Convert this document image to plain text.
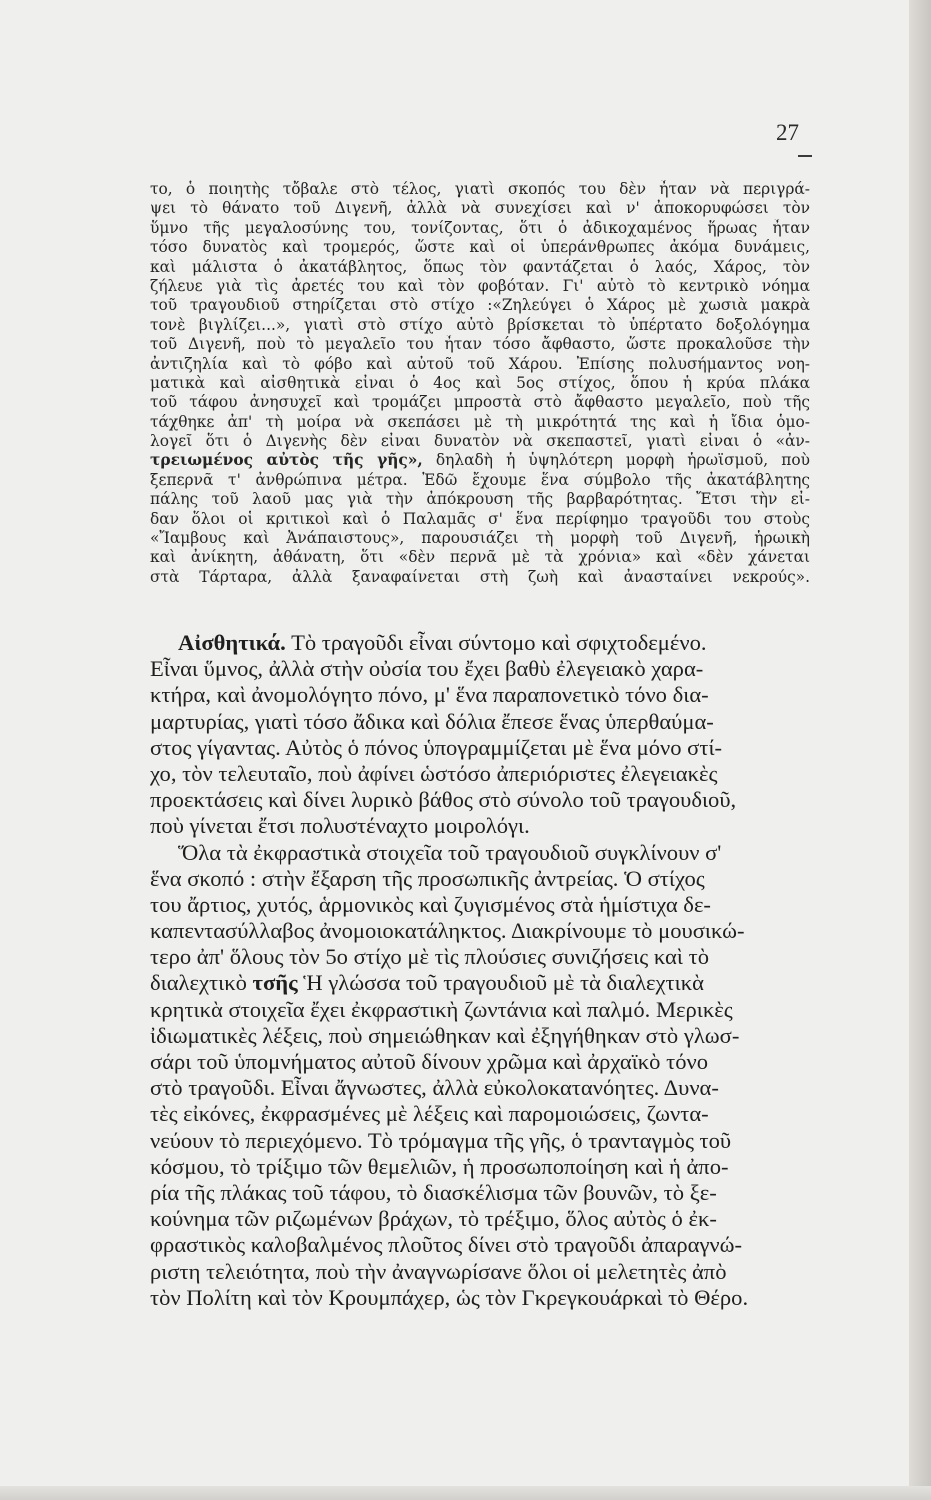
27
το, ὁ ποιητὴς τὄβαλε στὸ τέλος, γιατὶ σκοπός του δὲν ἦταν νὰ περιγρά-
ψει τὸ θάνατο τοῦ Διγενῆ, ἀλλὰ νὰ συνεχίσει καὶ ν' ἀποκορυφώσει τὸν
ὕμνο τῆς μεγαλοσύνης του, τονίζοντας, ὅτι ὁ ἀδικοχαμένος ἥρωας ἦταν
τόσο δυνατὸς καὶ τρομερός, ὥστε καὶ οἱ ὑπεράνθρωπες ἀκόμα δυνάμεις,
καὶ μάλιστα ὁ ἀκατάβλητος, ὅπως τὸν φαντάζεται ὁ λαός, Χάρος, τὸν
ζήλευε γιὰ τὶς ἀρετές του καὶ τὸν φοβόταν. Γι' αὐτὸ τὸ κεντρικὸ νόημα
τοῦ τραγουδιοῦ στηρίζεται στὸ στίχο :«Ζηλεύγει ὁ Χάρος μὲ χωσιὰ μακρὰ
τονὲ βιγλίζει...», γιατὶ στὸ στίχο αὐτὸ βρίσκεται τὸ ὑπέρτατο δοξολόγημα
τοῦ Διγενῆ, ποὺ τὸ μεγαλεῖο του ἦταν τόσο ἄφθαστο, ὥστε προκαλοῦσε τὴν
ἀντιζηλία καὶ τὸ φόβο καὶ αὐτοῦ τοῦ Χάρου. Ἐπίσης πολυσήμαντος νοη-
ματικὰ καὶ αἰσθητικὰ εἶναι ὁ 4ος καὶ 5ος στίχος, ὅπου ἡ κρύα πλάκα
τοῦ τάφου ἀνησυχεῖ καὶ τρομάζει μπροστὰ στὸ ἄφθαστο μεγαλεῖο, ποὺ τῆς
τάχθηκε ἀπ' τὴ μοίρα νὰ σκεπάσει μὲ τὴ μικρότητά της καὶ ἡ ἴδια ὁμο-
λογεῖ ὅτι ὁ Διγενὴς δὲν εἶναι δυνατὸν νὰ σκεπαστεῖ, γιατὶ εἶναι ὁ «ἀν-
τρειωμένος αὐτὸς τῆς γῆς», δηλαδὴ ἡ ὑψηλότερη μορφὴ ἡρωϊσμοῦ, ποὺ
ξεπερνᾶ τ' ἀνθρώπινα μέτρα. Ἐδῶ ἔχουμε ἕνα σύμβολο τῆς ἀκατάβλητης
πάλης τοῦ λαοῦ μας γιὰ τὴν ἀπόκρουση τῆς βαρβαρότητας. Ἔτσι τὴν εἶ-
δαν ὅλοι οἱ κριτικοὶ καὶ ὁ Παλαμᾶς σ' ἕνα περίφημο τραγοῦδι του στοὺς
«Ἴαμβους καὶ Ἀνάπαιστους», παρουσιάζει τὴ μορφὴ τοῦ Διγενῆ, ἡρωικὴ
καὶ ἀνίκητη, ἀθάνατη, ὅτι «δὲν περνᾶ μὲ τὰ χρόνια» καὶ «δὲν χάνεται
στὰ Τάρταρα, ἀλλὰ ξαναφαίνεται στὴ ζωὴ καὶ ἀνασταίνει νεκρούς».
Αἰσθητικά. Τὸ τραγοῦδι εἶναι σύντομο καὶ σφιχτοδεμένο.
Εἶναι ὕμνος, ἀλλὰ στὴν οὐσία του ἔχει βαθὺ ἐλεγειακὸ χαρα-
κτήρα, καὶ ἀνομολόγητο πόνο, μ' ἕνα παραπονετικὸ τόνο δια-
μαρτυρίας, γιατὶ τόσο ἄδικα καὶ δόλια ἔπεσε ἕνας ὑπερθαύμα-
στος γίγαντας. Αὐτὸς ὁ πόνος ὑπογραμμίζεται μὲ ἕνα μόνο στί-
χο, τὸν τελευταῖο, ποὺ ἀφίνει ὡστόσο ἀπεριόριστες ἐλεγειακὲς
προεκτάσεις καὶ δίνει λυρικὸ βάθος στὸ σύνολο τοῦ τραγουδιοῦ,
ποὺ γίνεται ἔτσι πολυστέναχτο μοιρολόγι.
Ὅλα τὰ ἐκφραστικὰ στοιχεῖα τοῦ τραγουδιοῦ συγκλίνουν σ'
ἕνα σκοπό : στὴν ἔξαρση τῆς προσωπικῆς ἀντρείας. Ὁ στίχος
του ἄρτιος, χυτός, ἁρμονικὸς καὶ ζυγισμένος στὰ ἡμίστιχα δε-
καπεντασύλλαβος ἀνομοιοκατάληκτος. Διακρίνουμε τὸ μουσικώ-
τερο ἀπ' ὅλους τὸν 5ο στίχο μὲ τὶς πλούσιες συνιζήσεις καὶ τὸ
διαλεχτικὸ τσῆς Ἡ γλώσσα τοῦ τραγουδιοῦ μὲ τὰ διαλεχτικὰ
κρητικὰ στοιχεῖα ἔχει ἐκφραστικὴ ζωντάνια καὶ παλμό. Μερικὲς
ἰδιωματικὲς λέξεις, ποὺ σημειώθηκαν καὶ ἐξηγήθηκαν στὸ γλωσ-
σάρι τοῦ ὑπομνήματος αὐτοῦ δίνουν χρῶμα καὶ ἀρχαϊκὸ τόνο
στὸ τραγοῦδι. Εἶναι ἄγνωστες, ἀλλὰ εὐκολοκατανόητες. Δυνα-
τὲς εἰκόνες, ἐκφρασμένες μὲ λέξεις καὶ παρομοιώσεις, ζωντα-
νεύουν τὸ περιεχόμενο. Τὸ τρόμαγμα τῆς γῆς, ὁ τρανταγμὸς τοῦ
κόσμου, τὸ τρίξιμο τῶν θεμελιῶν, ἡ προσωποποίηση καὶ ἡ ἀπο-
ρία τῆς πλάκας τοῦ τάφου, τὸ διασκέλισμα τῶν βουνῶν, τὸ ξε-
κούνημα τῶν ριζωμένων βράχων, τὸ τρέξιμο, ὅλος αὐτὸς ὁ ἐκ-
φραστικὸς καλοβαλμένος πλοῦτος δίνει στὸ τραγοῦδι ἀπαραγνώ-
ριστη τελειότητα, ποὺ τὴν ἀναγνωρίσανε ὅλοι οἱ μελετητὲς ἀπὸ
τὸν Πολίτη καὶ τὸν Κρουμπάχερ, ὡς τὸν Γκρεγκουάρκαὶ τὸ Θέρο.
